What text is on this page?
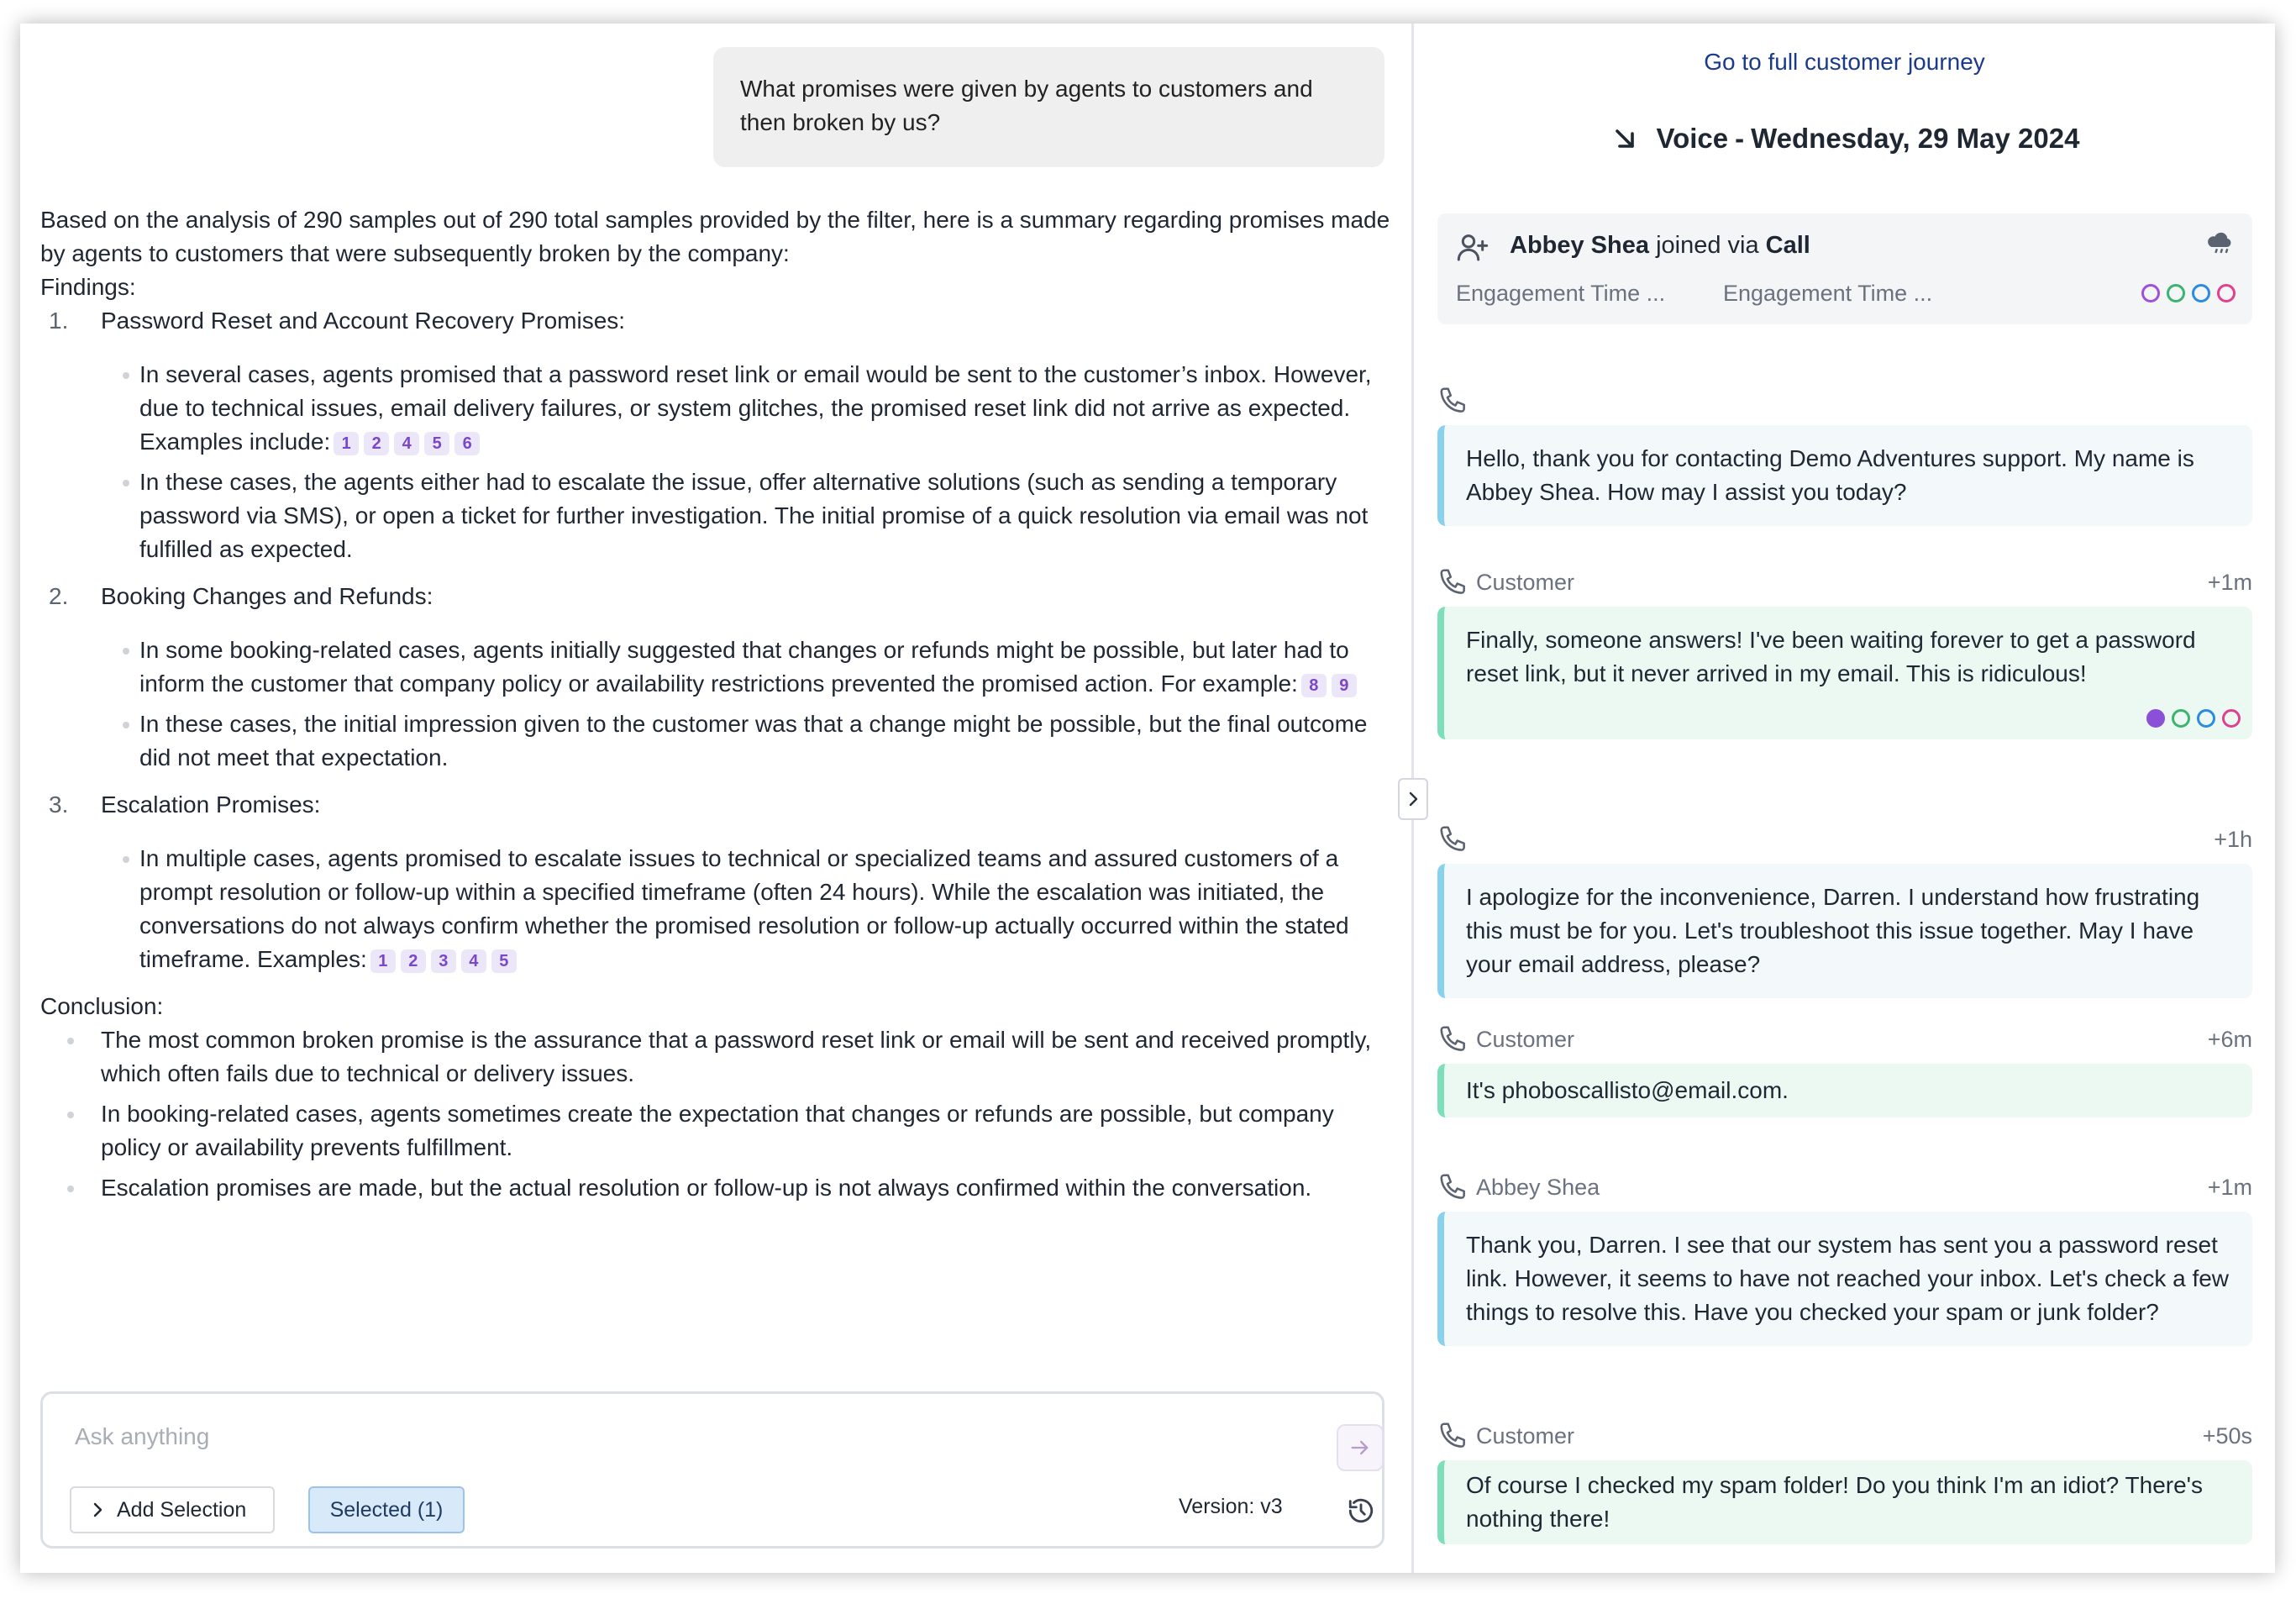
What promises were given by agents to customers and then broken by us?

Based on the analysis of 290 samples out of 290 total samples provided by the filter, here is a summary regarding promises made by agents to customers that were subsequently broken by the company:

Findings:

1. Password Reset and Account Recovery Promises:
In several cases, agents promised that a password reset link or email would be sent to the customer’s inbox. However, due to technical issues, email delivery failures, or system glitches, the promised reset link did not arrive as expected. Examples include: 1	2	4	5	6
In these cases, the agents either had to escalate the issue, offer alternative solutions (such as sending a temporary password via SMS), or open a ticket for further investigation. The initial promise of a quick resolution via email was not fulfilled as expected.
2. Booking Changes and Refunds:
In some booking-related cases, agents initially suggested that changes or refunds might be possible, but later had to inform the customer that company policy or availability restrictions prevented the promised action. For example: 8	9
In these cases, the initial impression given to the customer was that a change might be possible, but the final outcome did not meet that expectation.
3. Escalation Promises:
In multiple cases, agents promised to escalate issues to technical or specialized teams and assured customers of a prompt resolution or follow-up within a specified timeframe (often 24 hours). While the escalation was initiated, the conversations do not always confirm whether the promised resolution or follow-up actually occurred within the stated timeframe. Examples: 1	2	3	4	5

Conclusion:

The most common broken promise is the assurance that a password reset link or email will be sent and received promptly, which often fails due to technical or delivery issues.
In booking-related cases, agents sometimes create the expectation that changes or refunds are possible, but company policy or availability prevents fulfillment.
Escalation promises are made, but the actual resolution or follow-up is not always confirmed within the conversation.
Ask anything
Add Selection	Selected (1)	Version: v3
Go to full customer journey
Voice - Wednesday, 29 May 2024
Abbey Shea joined via Call
Engagement Time ...	Engagement Time ...
Hello, thank you for contacting Demo Adventures support. My name is Abbey Shea. How may I assist you today?
Customer	+1m
Finally, someone answers! I've been waiting forever to get a password reset link, but it never arrived in my email. This is ridiculous!
+1h
I apologize for the inconvenience, Darren. I understand how frustrating this must be for you. Let's troubleshoot this issue together. May I have your email address, please?
Customer	+6m
It's phoboscallisto@email.com.
Abbey Shea	+1m
Thank you, Darren. I see that our system has sent you a password reset link. However, it seems to have not reached your inbox. Let's check a few things to resolve this. Have you checked your spam or junk folder?
Customer	+50s
Of course I checked my spam folder! Do you think I'm an idiot? There's nothing there!
